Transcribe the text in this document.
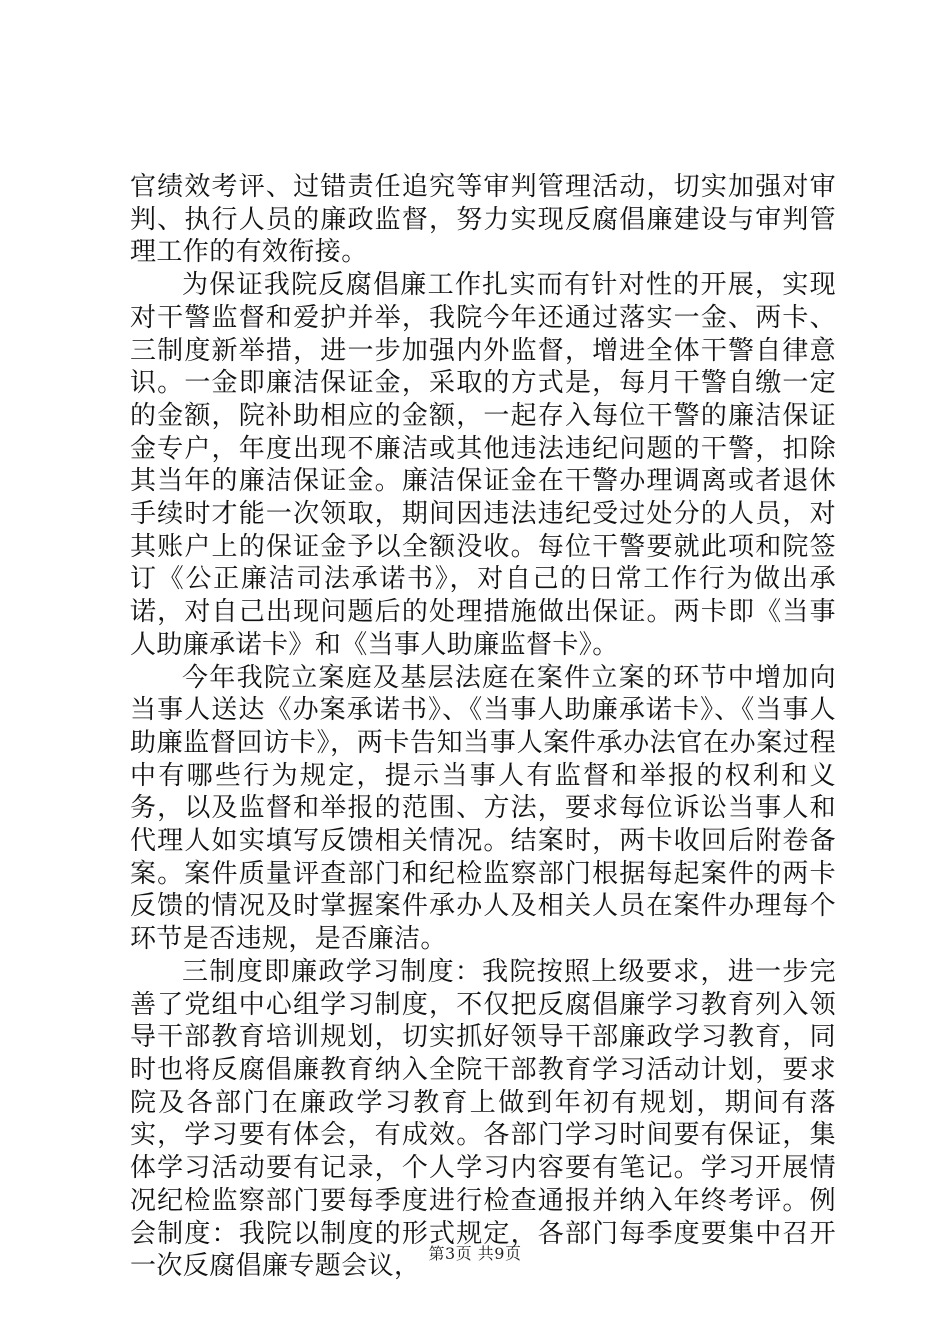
官绩效考评、过错责任追究等审判管理活动，切实加强对审判、执行人员的廉政监督，努力实现反腐倡廉建设与审判管理工作的有效衔接。

为保证我院反腐倡廉工作扎实而有针对性的开展，实现对干警监督和爱护并举，我院今年还通过落实一金、两卡、三制度新举措，进一步加强内外监督，增进全体干警自律意识。一金即廉洁保证金，采取的方式是，每月干警自缴一定的金额，院补助相应的金额，一起存入每位干警的廉洁保证金专户，年度出现不廉洁或其他违法违纪问题的干警，扣除其当年的廉洁保证金。廉洁保证金在干警办理调离或者退休手续时才能一次领取，期间因违法违纪受过处分的人员，对其账户上的保证金予以全额没收。每位干警要就此项和院签订《公正廉洁司法承诺书》，对自己的日常工作行为做出承诺，对自己出现问题后的处理措施做出保证。两卡即《当事人助廉承诺卡》和《当事人助廉监督卡》。

今年我院立案庭及基层法庭在案件立案的环节中增加向当事人送达《办案承诺书》、《当事人助廉承诺卡》、《当事人助廉监督回访卡》，两卡告知当事人案件承办法官在办案过程中有哪些行为规定，提示当事人有监督和举报的权利和义务，以及监督和举报的范围、方法，要求每位诉讼当事人和代理人如实填写反馈相关情况。结案时，两卡收回后附卷备案。案件质量评查部门和纪检监察部门根据每起案件的两卡反馈的情况及时掌握案件承办人及相关人员在案件办理每个环节是否违规，是否廉洁。

三制度即廉政学习制度：我院按照上级要求，进一步完善了党组中心组学习制度，不仅把反腐倡廉学习教育列入领导干部教育培训规划，切实抓好领导干部廉政学习教育，同时也将反腐倡廉教育纳入全院干部教育学习活动计划，要求院及各部门在廉政学习教育上做到年初有规划，期间有落实，学习要有体会，有成效。各部门学习时间要有保证，集体学习活动要有记录，个人学习内容要有笔记。学习开展情况纪检监察部门要每季度进行检查通报并纳入年终考评。例会制度：我院以制度的形式规定，各部门每季度要集中召开一次反腐倡廉专题会议， 第3页 共9页
